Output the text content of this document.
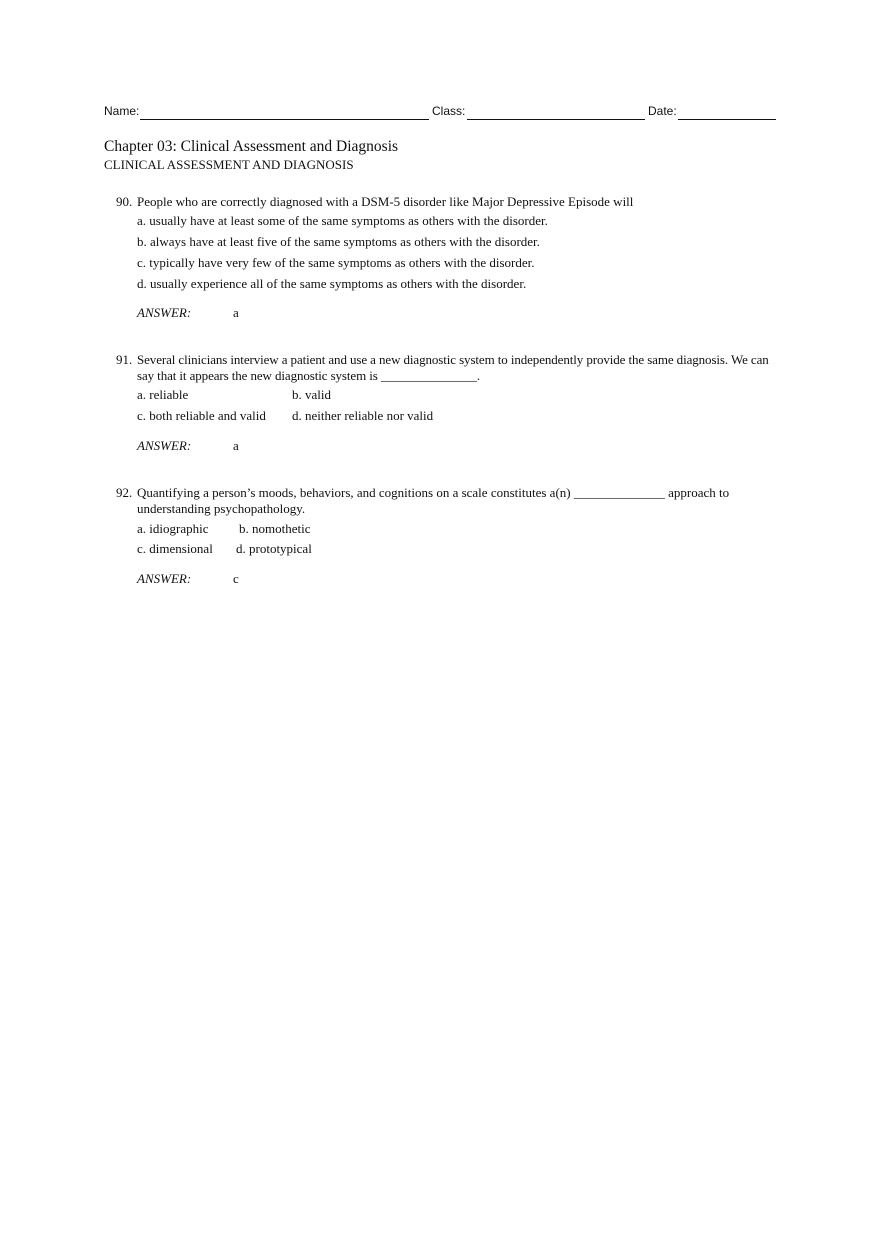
Name:	Class:	Date:
Chapter 03: Clinical Assessment and Diagnosis
CLINICAL ASSESSMENT AND DIAGNOSIS
90. People who are correctly diagnosed with a DSM-5 disorder like Major Depressive Episode will
a. usually have at least some of the same symptoms as others with the disorder.
b. always have at least five of the same symptoms as others with the disorder.
c. typically have very few of the same symptoms as others with the disorder.
d. usually experience all of the same symptoms as others with the disorder.
ANSWER:	a
91. Several clinicians interview a patient and use a new diagnostic system to independently provide the same diagnosis. We can say that it appears the new diagnostic system is _______________.
a. reliable	b. valid
c. both reliable and valid d. neither reliable nor valid
ANSWER:	a
92. Quantifying a person’s moods, behaviors, and cognitions on a scale constitutes a(n) ______________ approach to understanding psychopathology.
a. idiographic b. nomothetic
c. dimensional d. prototypical
ANSWER:	c
